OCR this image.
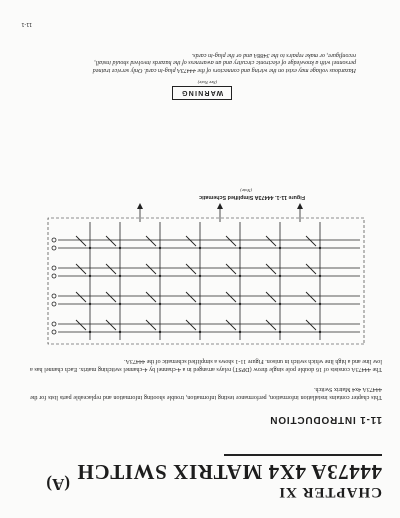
CHAPTER XI

44473A 4X4 MATRIX SWITCH

(A)

11-1 INTRODUCTION

This chapter contains installation information, performance testing information, trouble shooting information and replaceable parts lists for the 44473A 4x4 Matrix Switch.

The 44473A consists of 16 double pole single throw (DPST) relays arranged in a 4-channel by 4-channel switching matrix. Each channel has a low line and a high line which switch in unison. Figure 11-1 shows a simplified schematic of the 44473A.

Figure 11-1. 44473A Simplified Schematic

(Note)

WARNING

(See Note)

Hazardous voltage may exist on the wiring and connectors of the 44473A plug-in card. Only service trained personnel with a knowledge of electronic circuitry and an awareness of the hazards involved should install, reconfigure, or make repairs to the 3488A and or the plug-in cards.

11-1
